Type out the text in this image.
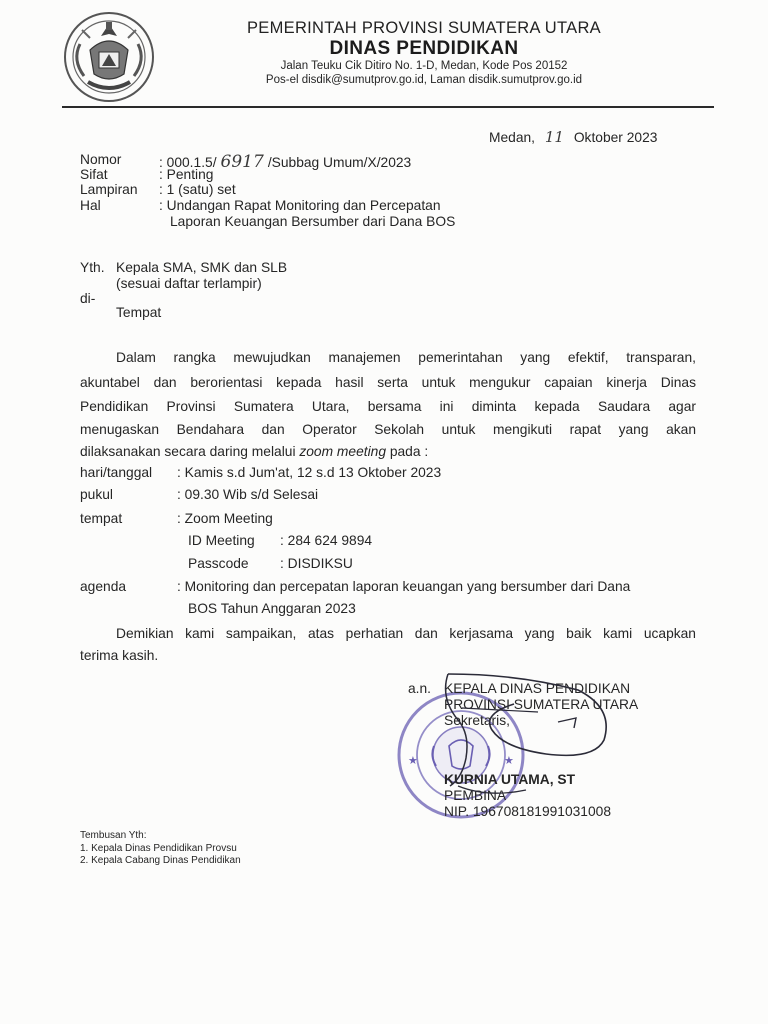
PEMERINTAH PROVINSI SUMATERA UTARA
DINAS PENDIDIKAN
Jalan Teuku Cik Ditiro No. 1-D, Medan, Kode Pos 20152
Pos-el disdik@sumutprov.go.id, Laman disdik.sumutprov.go.id
Medan, 11 Oktober 2023
Nomor	: 000.1.5/ 6917 /Subbag Umum/X/2023
Sifat	: Penting
Lampiran : 1 (satu) set
Hal	: Undangan Rapat Monitoring dan Percepatan
Laporan Keuangan Bersumber dari Dana BOS
Yth. Kepala SMA, SMK dan SLB
(sesuai daftar terlampir)
di-
Tempat
Dalam rangka mewujudkan manajemen pemerintahan yang efektif, transparan,
akuntabel dan berorientasi kepada hasil serta untuk mengukur capaian kinerja Dinas
Pendidikan Provinsi Sumatera Utara, bersama ini diminta kepada Saudara agar
menugaskan Bendahara dan Operator Sekolah untuk mengikuti rapat yang akan
dilaksanakan secara daring melalui zoom meeting pada :
hari/tanggal : Kamis s.d Jum'at, 12 s.d 13 Oktober 2023
pukul	: 09.30 Wib s/d Selesai
tempat	: Zoom Meeting
ID Meeting : 284 624 9894
Passcode : DISDIKSU
agenda	: Monitoring dan percepatan laporan keuangan yang bersumber dari Dana
BOS Tahun Anggaran 2023
Demikian kami sampaikan, atas perhatian dan kerjasama yang baik kami ucapkan
terima kasih.
★	★
a.n. KEPALA DINAS PENDIDIKAN
PROVINSI SUMATERA UTARA
Sekretaris,
KURNIA UTAMA, ST
PEMBINA
NIP. 196708181991031008
Tembusan Yth:
1. Kepala Dinas Pendidikan Provsu
2. Kepala Cabang Dinas Pendidikan
